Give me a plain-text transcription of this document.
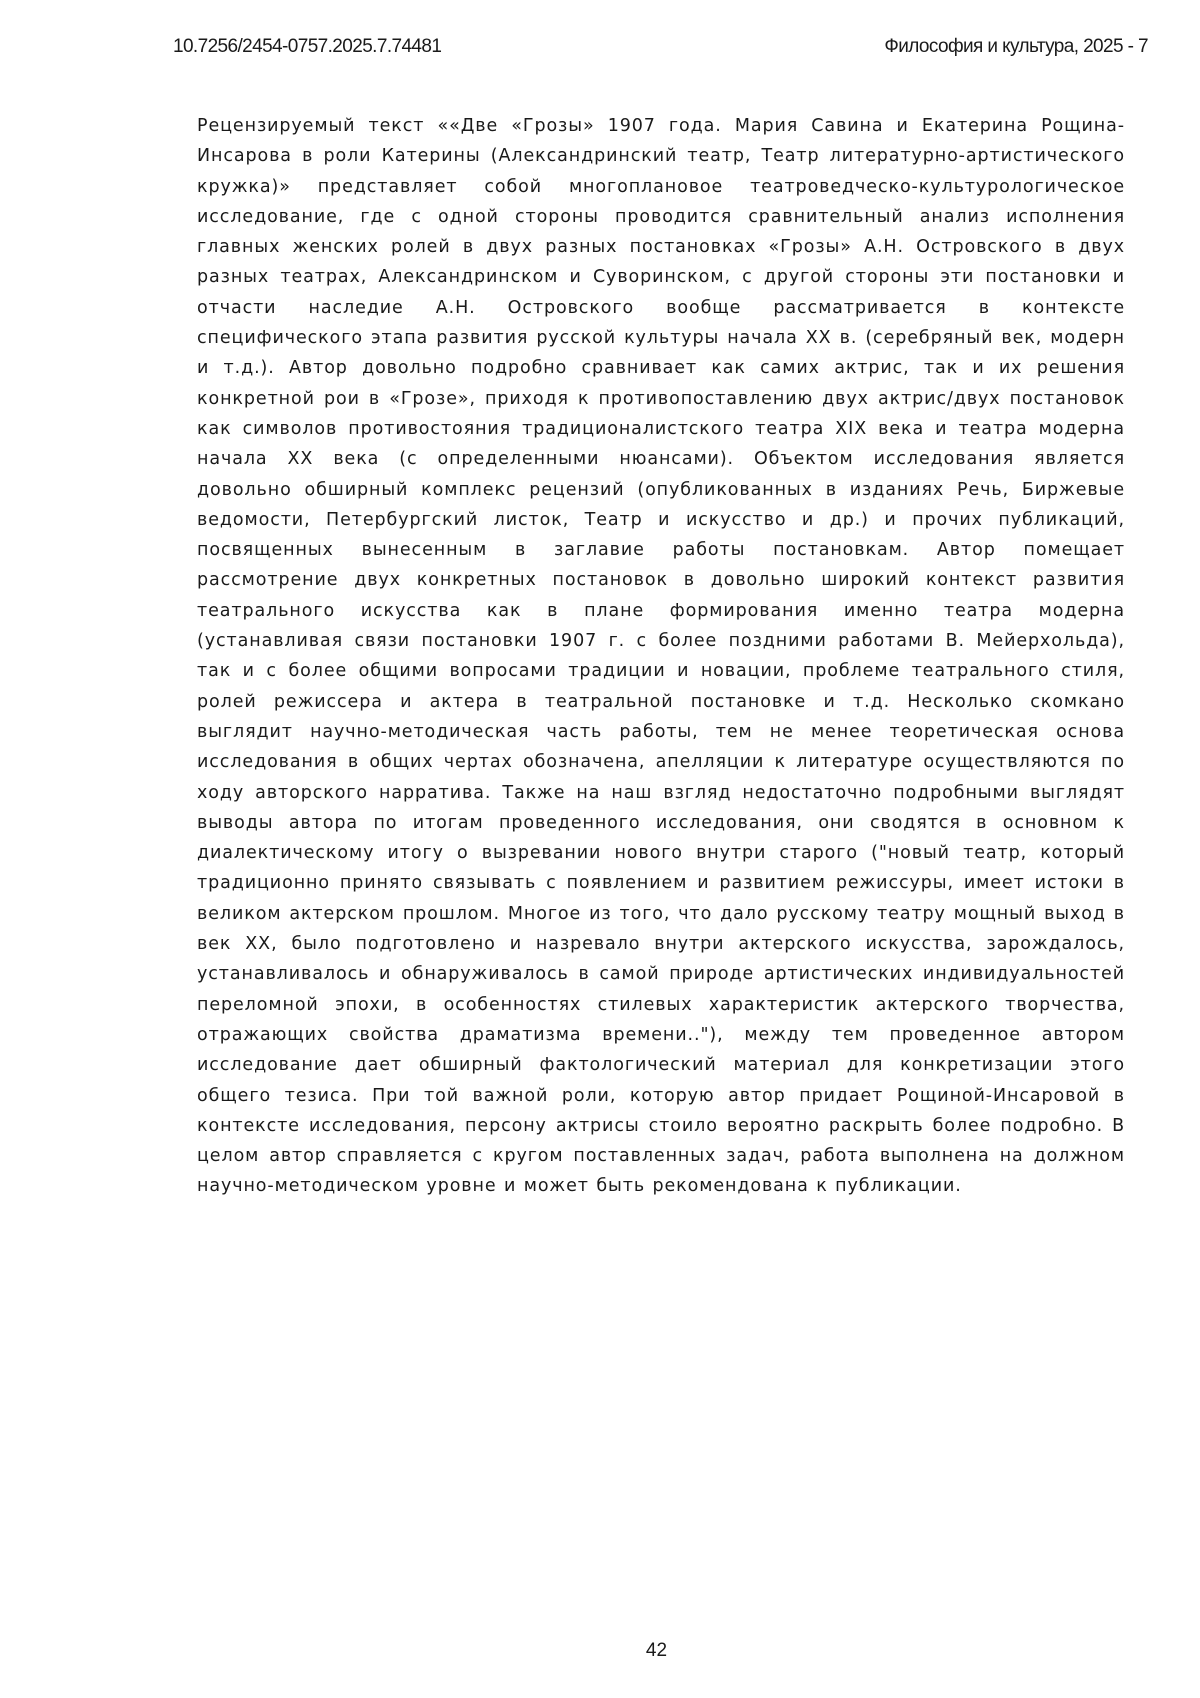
10.7256/2454-0757.2025.7.74481	Философия и культура, 2025 - 7

Рецензируемый текст ««Две «Грозы» 1907 года. Мария Савина и Екатерина Рощина-Инсарова в роли Катерины (Александринский театр, Театр литературно-артистического кружка)» представляет собой многоплановое театроведческо-культурологическое исследование, где с одной стороны проводится сравнительный анализ исполнения главных женских ролей в двух разных постановках «Грозы» А.Н. Островского в двух разных театрах, Александринском и Суворинском, с другой стороны эти постановки и отчасти наследие А.Н. Островского вообще рассматривается в контексте специфического этапа развития русской культуры начала XX в. (серебряный век, модерн и т.д.). Автор довольно подробно сравнивает как самих актрис, так и их решения конкретной рои в «Грозе», приходя к противопоставлению двух актрис/двух постановок как символов противостояния традиционалистского театра XIX века и театра модерна начала XX века (с определенными нюансами). Объектом исследования является довольно обширный комплекс рецензий (опубликованных в изданиях Речь, Биржевые ведомости, Петербургский листок, Театр и искусство и др.) и прочих публикаций, посвященных вынесенным в заглавие работы постановкам. Автор помещает рассмотрение двух конкретных постановок в довольно широкий контекст развития театрального искусства как в плане формирования именно театра модерна (устанавливая связи постановки 1907 г. с более поздними работами В. Мейерхольда), так и с более общими вопросами традиции и новации, проблеме театрального стиля, ролей режиссера и актера в театральной постановке и т.д. Несколько скомкано выглядит научно-методическая часть работы, тем не менее теоретическая основа исследования в общих чертах обозначена, апелляции к литературе осуществляются по ходу авторского нарратива. Также на наш взгляд недостаточно подробными выглядят выводы автора по итогам проведенного исследования, они сводятся в основном к диалектическому итогу о вызревании нового внутри старого ("новый театр, который традиционно принято связывать с появлением и развитием режиссуры, имеет истоки в великом актерском прошлом. Многое из того, что дало русскому театру мощный выход в век XX, было подготовлено и назревало внутри актерского искусства, зарождалось, устанавливалось и обнаруживалось в самой природе артистических индивидуальностей переломной эпохи, в особенностях стилевых характеристик актерского творчества, отражающих свойства драматизма времени.."), между тем проведенное автором исследование дает обширный фактологический материал для конкретизации этого общего тезиса. При той важной роли, которую автор придает Рощиной-Инсаровой в контексте исследования, персону актрисы стоило вероятно раскрыть более подробно. В целом автор справляется с кругом поставленных задач, работа выполнена на должном научно-методическом уровне и может быть рекомендована к публикации.

42
